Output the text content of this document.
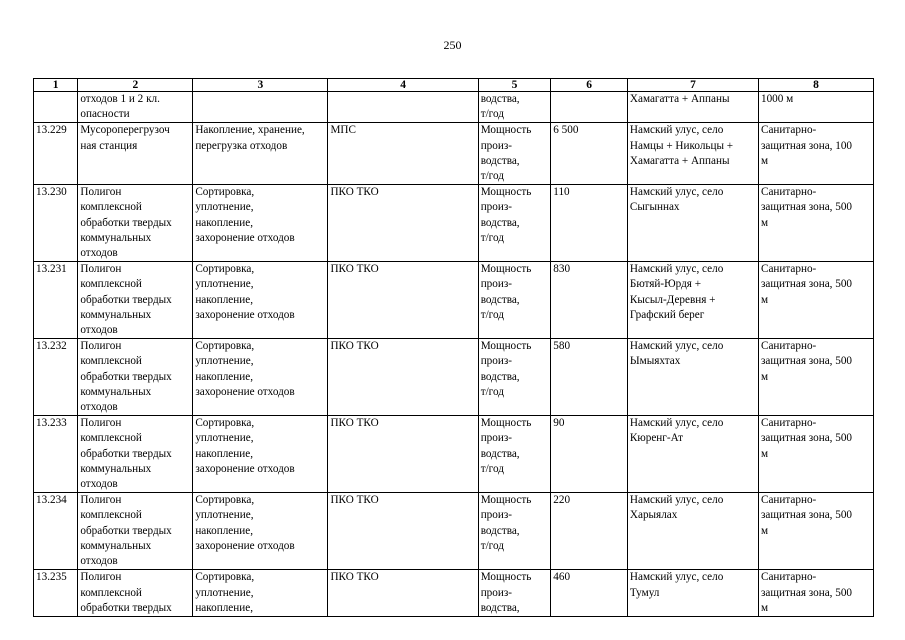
250
1	2	3	4	5	6	7	8
	отходов 1 и 2 кл.
опасности			водства,
т/год		Хамагатта + Аппаны	1000 м
13.229	Мусороперегрузоч
ная станция	Накопление, хранение,
перегрузка отходов	МПС	Мощность
произ-
водства,
т/год	6 500	Намский улус, село
Намцы + Никольцы +
Хамагатта + Аппаны	Санитарно-
защитная зона, 100
м
13.230	Полигон
комплексной
обработки твердых
коммунальных
отходов	Сортировка,
уплотнение,
накопление,
захоронение отходов	ПКО ТКО	Мощность
произ-
водства,
т/год	110	Намский улус, село
Сыгыннах	Санитарно-
защитная зона, 500
м
13.231	Полигон
комплексной
обработки твердых
коммунальных
отходов	Сортировка,
уплотнение,
накопление,
захоронение отходов	ПКО ТКО	Мощность
произ-
водства,
т/год	830	Намский улус, село
Бютяй-Юрдя +
Кысыл-Деревня +
Графский берег	Санитарно-
защитная зона, 500
м
13.232	Полигон
комплексной
обработки твердых
коммунальных
отходов	Сортировка,
уплотнение,
накопление,
захоронение отходов	ПКО ТКО	Мощность
произ-
водства,
т/год	580	Намский улус, село
Ымыяхтах	Санитарно-
защитная зона, 500
м
13.233	Полигон
комплексной
обработки твердых
коммунальных
отходов	Сортировка,
уплотнение,
накопление,
захоронение отходов	ПКО ТКО	Мощность
произ-
водства,
т/год	90	Намский улус, село
Кюренг-Ат	Санитарно-
защитная зона, 500
м
13.234	Полигон
комплексной
обработки твердых
коммунальных
отходов	Сортировка,
уплотнение,
накопление,
захоронение отходов	ПКО ТКО	Мощность
произ-
водства,
т/год	220	Намский улус, село
Харыялах	Санитарно-
защитная зона, 500
м
13.235	Полигон
комплексной
обработки твердых	Сортировка,
уплотнение,
накопление,	ПКО ТКО	Мощность
произ-
водства,	460	Намский улус, село
Тумул	Санитарно-
защитная зона, 500
м
